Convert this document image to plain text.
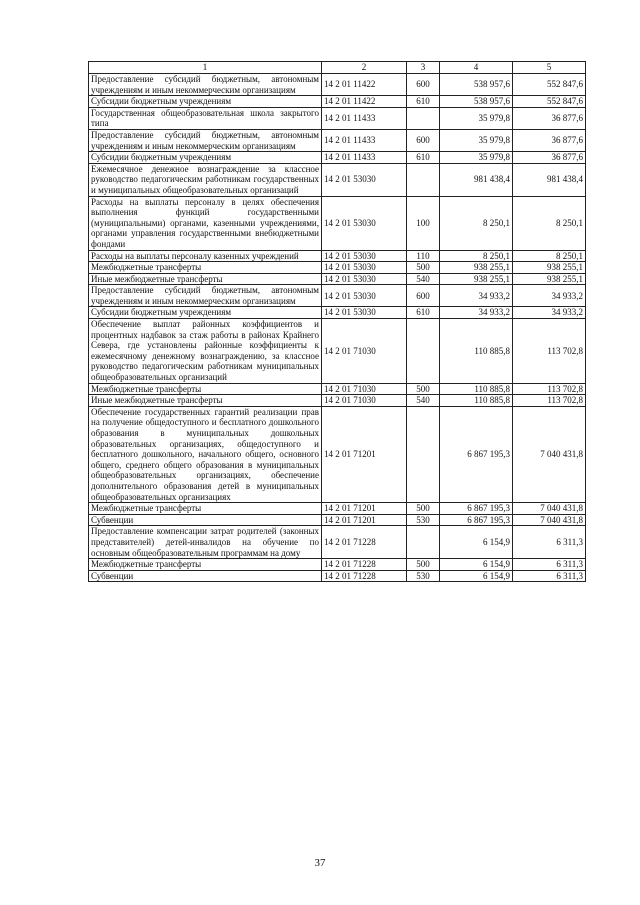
1	2	3	4	5
Предоставление субсидий бюджетным, автономным учреждениям и иным некоммерческим организациям	14 2 01 11422	600	538 957,6	552 847,6
Субсидии бюджетным учреждениям	14 2 01 11422	610	538 957,6	552 847,6
Государственная общеобразовательная школа закрытого типа	14 2 01 11433		35 979,8	36 877,6
Предоставление субсидий бюджетным, автономным учреждениям и иным некоммерческим организациям	14 2 01 11433	600	35 979,8	36 877,6
Субсидии бюджетным учреждениям	14 2 01 11433	610	35 979,8	36 877,6
Ежемесячное денежное вознаграждение за классное руководство педагогическим работникам государственных и муниципальных общеобразовательных организаций	14 2 01 53030		981 438,4	981 438,4
Расходы на выплаты персоналу в целях обеспечения выполнения функций государственными (муниципальными) органами, казенными учреждениями, органами управления государственными внебюджетными фондами	14 2 01 53030	100	8 250,1	8 250,1
Расходы на выплаты персоналу казенных учреждений	14 2 01 53030	110	8 250,1	8 250,1
Межбюджетные трансферты	14 2 01 53030	500	938 255,1	938 255,1
Иные межбюджетные трансферты	14 2 01 53030	540	938 255,1	938 255,1
Предоставление субсидий бюджетным, автономным учреждениям и иным некоммерческим организациям	14 2 01 53030	600	34 933,2	34 933,2
Субсидии бюджетным учреждениям	14 2 01 53030	610	34 933,2	34 933,2
Обеспечение выплат районных коэффициентов и процентных надбавок за стаж работы в районах Крайнего Севера, где установлены районные коэффициенты к ежемесячному денежному вознаграждению, за классное руководство педагогическим работникам муниципальных общеобразовательных организаций	14 2 01 71030		110 885,8	113 702,8
Межбюджетные трансферты	14 2 01 71030	500	110 885,8	113 702,8
Иные межбюджетные трансферты	14 2 01 71030	540	110 885,8	113 702,8
Обеспечение государственных гарантий реализации прав на получение общедоступного и бесплатного дошкольного образования в муниципальных дошкольных образовательных организациях, общедоступного и бесплатного дошкольного, начального общего, основного общего, среднего общего образования в муниципальных общеобразовательных организациях, обеспечение дополнительного образования детей в муниципальных общеобразовательных организациях	14 2 01 71201		6 867 195,3	7 040 431,8
Межбюджетные трансферты	14 2 01 71201	500	6 867 195,3	7 040 431,8
Субвенции	14 2 01 71201	530	6 867 195,3	7 040 431,8
Предоставление компенсации затрат родителей (законных представителей) детей-инвалидов на обучение по основным общеобразовательным программам на дому	14 2 01 71228		6 154,9	6 311,3
Межбюджетные трансферты	14 2 01 71228	500	6 154,9	6 311,3
Субвенции	14 2 01 71228	530	6 154,9	6 311,3
37
